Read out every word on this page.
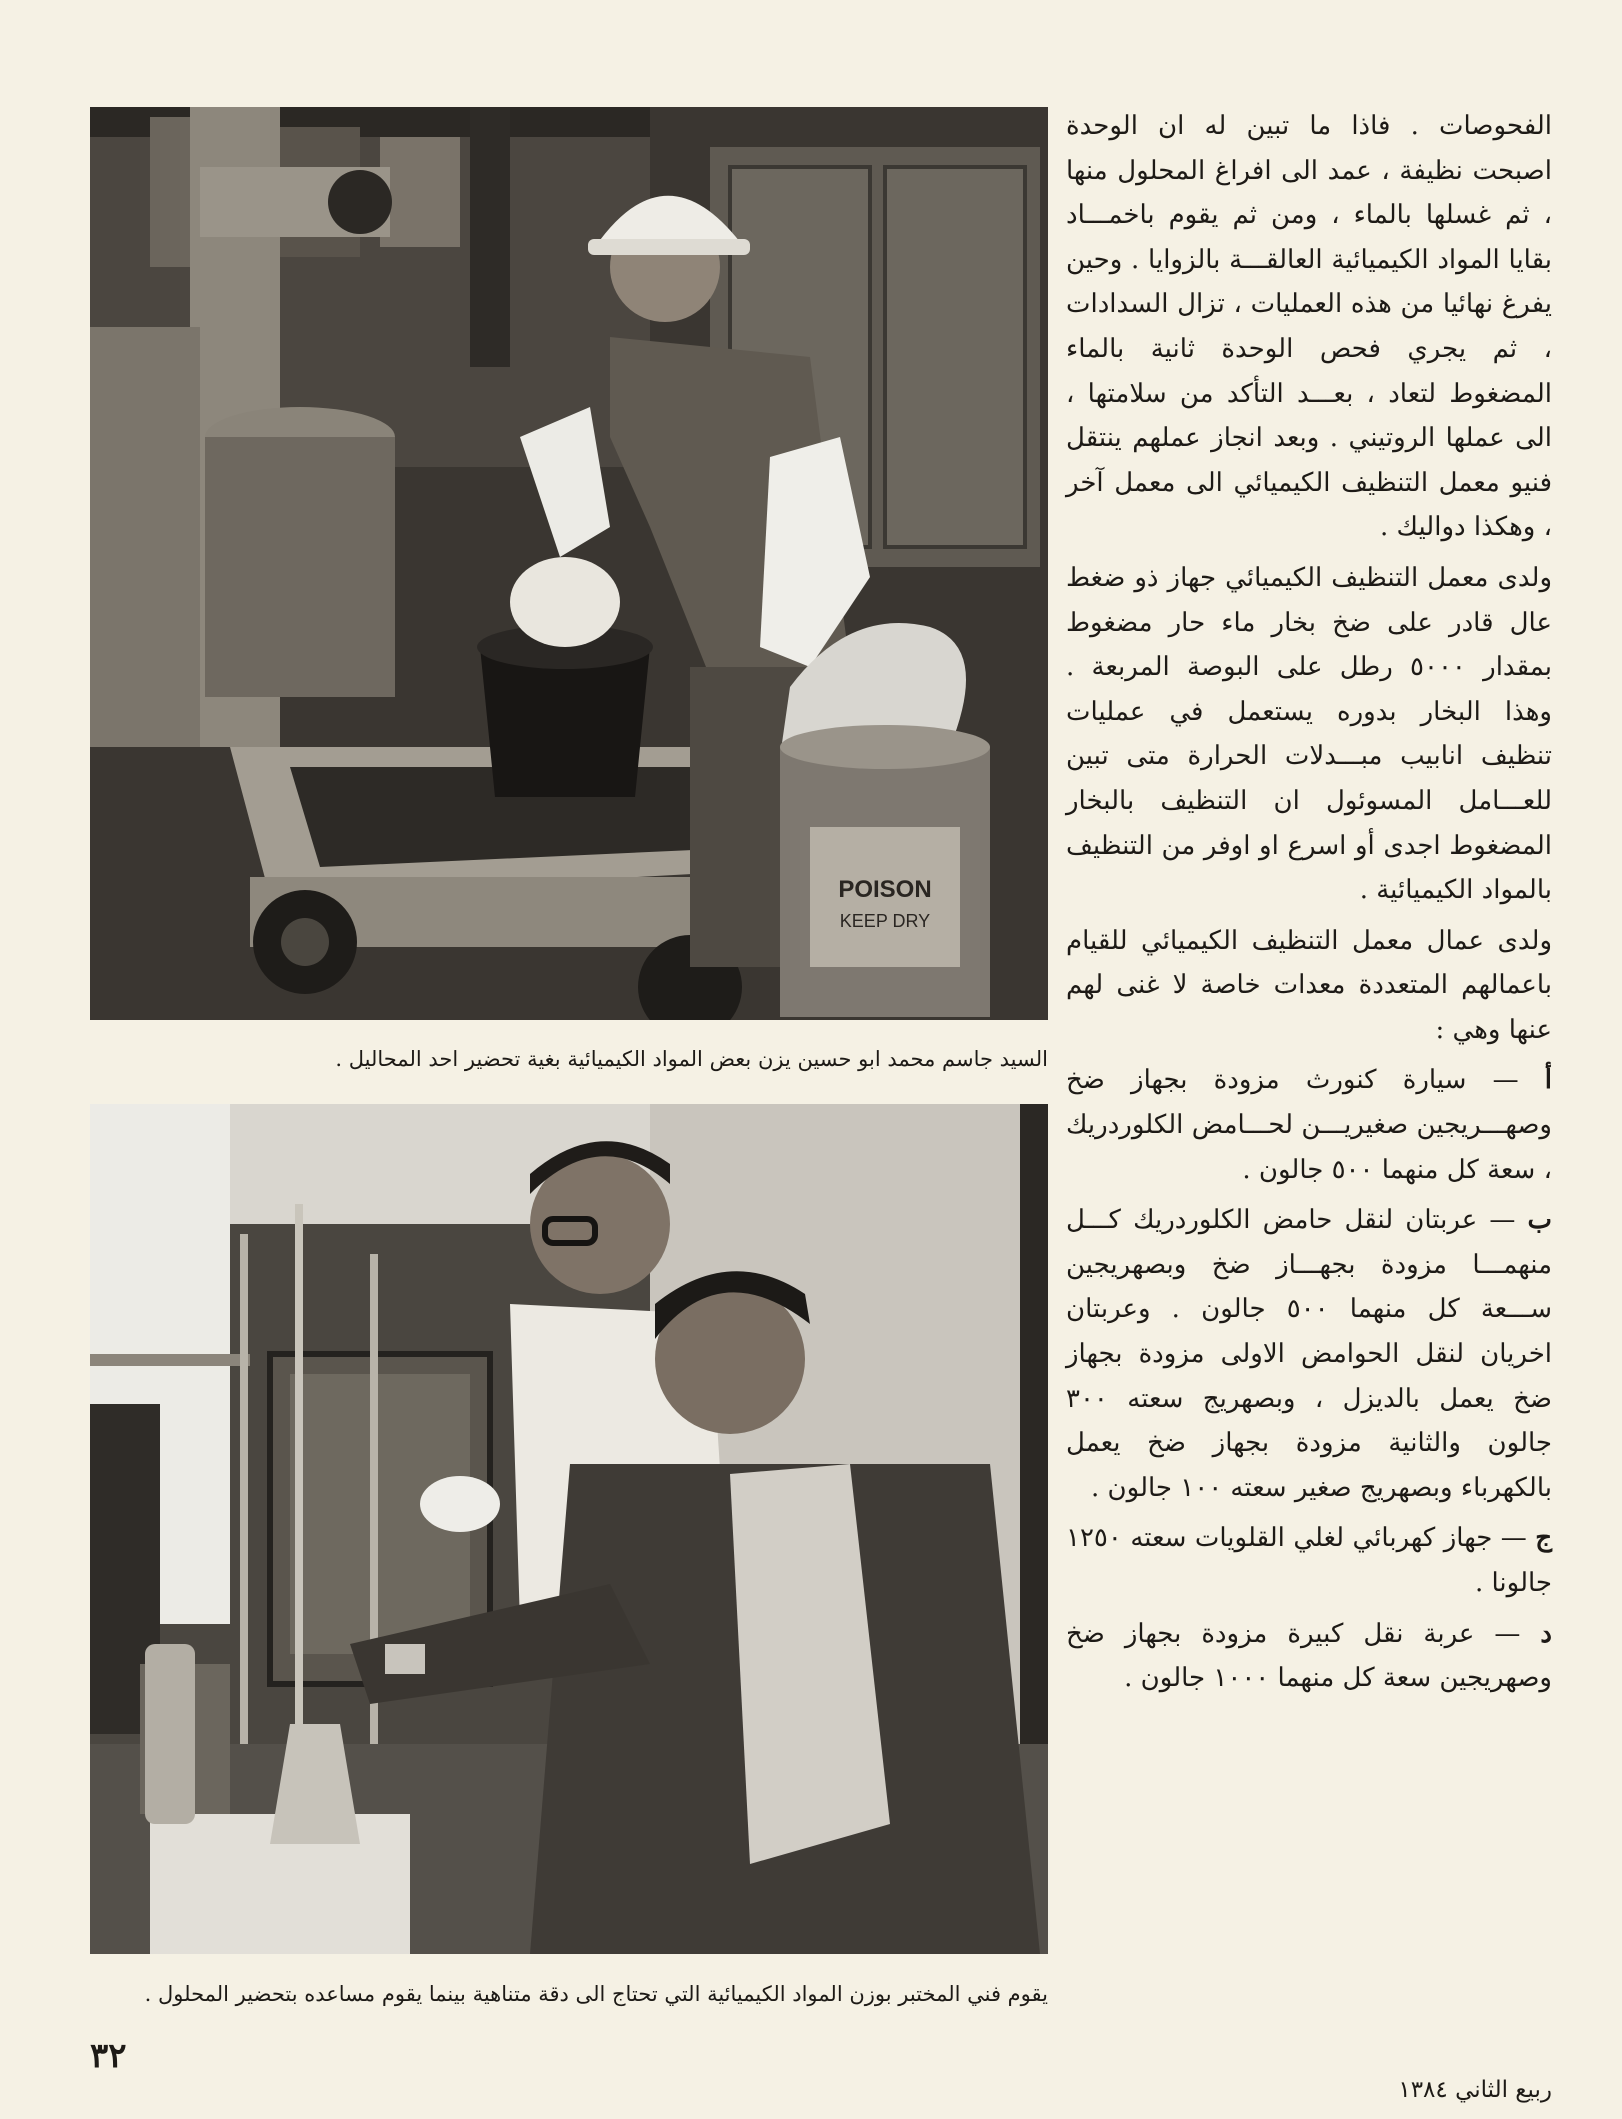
POISON
KEEP DRY
السيد جاسم محمد ابو حسين يزن بعض المواد الكيميائية بغية تحضير احد المحاليل .
يقوم فني المختبر بوزن المواد الكيميائية التي تحتاج الى دقة متناهية بينما يقوم مساعده بتحضير المحلول .

الفحوصات . فاذا ما تبين له ان الوحدة اصبحت نظيفة ، عمد الى افراغ المحلول منها ، ثم غسلها بالماء ، ومن ثم يقوم باخمـــاد بقايا المواد الكيميائية العالقـــة بالزوايا . وحين يفرغ نهائيا من هذه العمليات ، تزال السدادات ، ثم يجري فحص الوحدة ثانية بالماء المضغوط لتعاد ، بعـــد التأكد من سلامتها ، الى عملها الروتيني . وبعد انجاز عملهم ينتقل فنيو معمل التنظيف الكيميائي الى معمل آخر ، وهكذا دواليك .

ولدى معمل التنظيف الكيميائي جهاز ذو ضغط عال قادر على ضخ بخار ماء حار مضغوط بمقدار ٥٠٠٠ رطل على البوصة المربعة . وهذا البخار بدوره يستعمل في عمليات تنظيف انابيب مبـــدلات الحرارة متى تبين للعـــامل المسوئول ان التنظيف بالبخار المضغوط اجدى أو اسرع او اوفر من التنظيف بالمواد الكيميائية .

ولدى عمال معمل التنظيف الكيميائي للقيام باعمالهم المتعددة معدات خاصة لا غنى لهم عنها وهي :

أ — سيارة كنورث مزودة بجهاز ضخ وصهـــريجين صغيريـــن لحـــامض الكلوردريك ، سعة كل منهما ٥٠٠ جالون .

ب — عربتان لنقل حامض الكلوردريك كـــل منهمـــا مزودة بجهـــاز ضخ وبصهريجين ســـعة كل منهما ٥٠٠ جالون . وعربتان اخريان لنقل الحوامض الاولى مزودة بجهاز ضخ يعمل بالديزل ، وبصهريج سعته ٣٠٠ جالون والثانية مزودة بجهاز ضخ يعمل بالكهرباء وبصهريج صغير سعته ١٠٠ جالون .

ج — جهاز كهربائي لغلي القلويات سعته ١٢٥٠ جالونا .

د — عربة نقل كبيرة مزودة بجهاز ضخ وصهريجين سعة كل منهما ١٠٠٠ جالون .

٣٢
ربيع الثاني ١٣٨٤
